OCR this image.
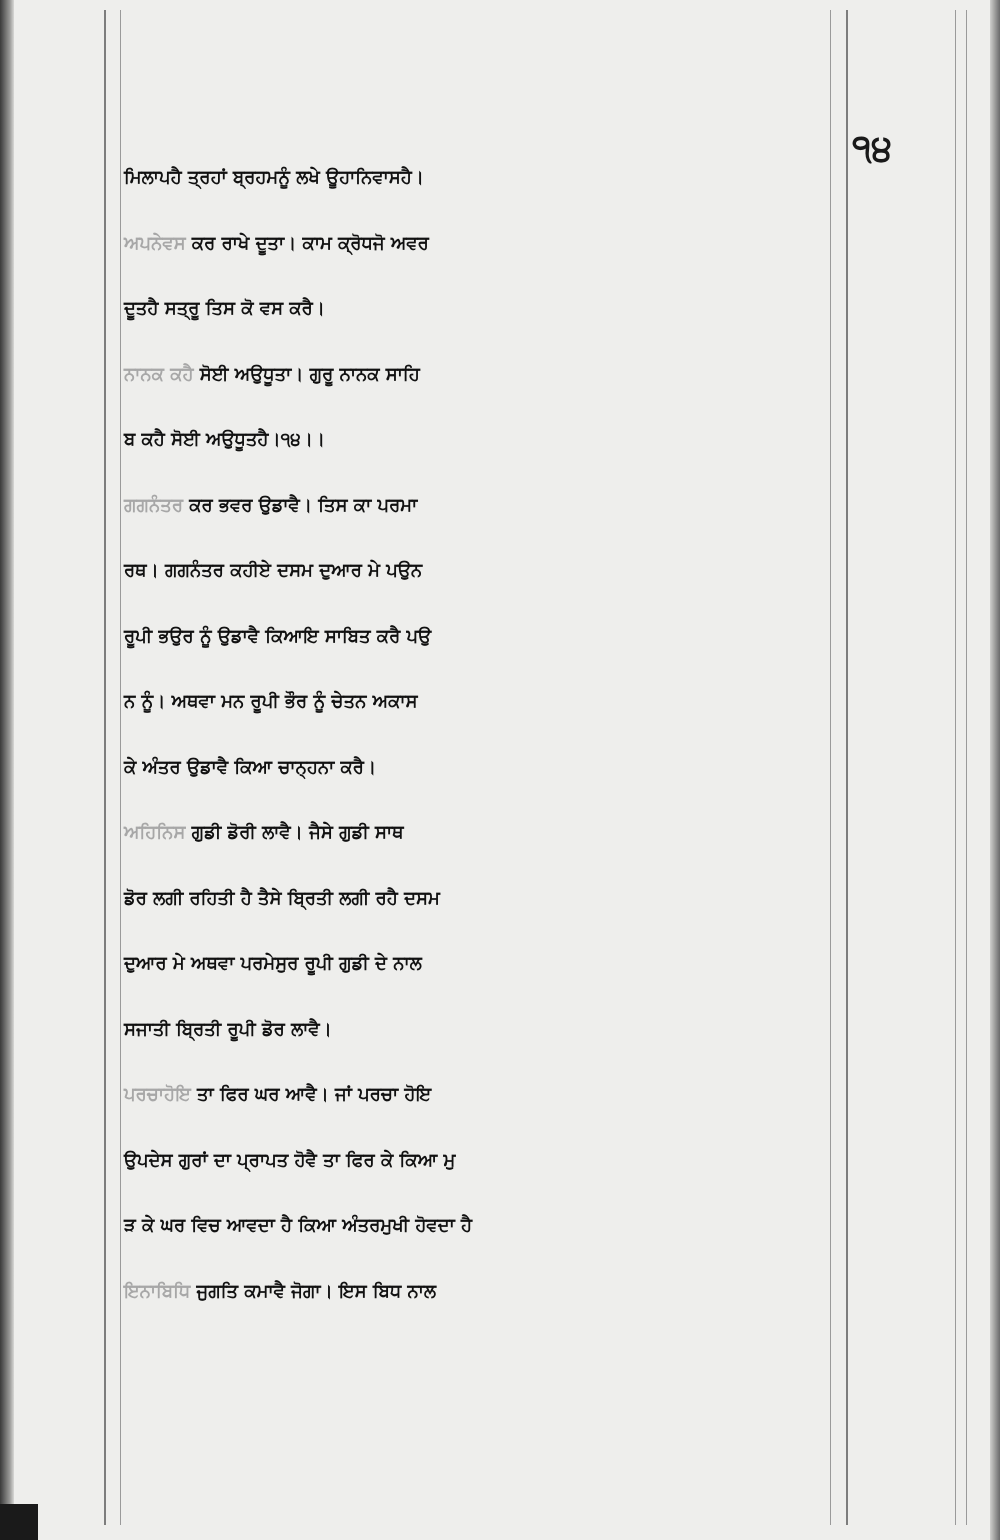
੧੪
ਮਿਲਾਪਹੈ ਤ੍ਰਹਾਂ ਬ੍ਰਹਮਨੂੰ ਲਖੇ ਊਹਾਨਿਵਾਸਹੈ।
ਅਪਨੇਵਸ ਕਰ ਰਾਖੇ ਦੂਤਾ। ਕਾਮ ਕ੍ਰੋਧਜੋ ਅਵਰ
ਦੂਤਹੈ ਸਤ੍ਰੂ ਤਿਸ ਕੋ ਵਸ ਕਰੈ।
ਨਾਨਕ ਕਹੈ ਸੋਈ ਅਉਧੂਤਾ। ਗੁਰੂ ਨਾਨਕ ਸਾਹਿ
ਬ ਕਹੈ ਸੋਈ ਅਉਧੂਤਹੈ।੧੪।।
ਗਗਨੰਤਰ ਕਰ ਭਵਰ ਉਡਾਵੈ। ਤਿਸ ਕਾ ਪਰਮਾ
ਰਥ। ਗਗਨੰਤਰ ਕਹੀਏ ਦਸਮ ਦੁਆਰ ਮੇ ਪਉਨ
ਰੂਪੀ ਭਉਰ ਨੂੰ ਉਡਾਵੈ ਕਿਆਇ ਸਾਬਿਤ ਕਰੈ ਪਉ
ਨ ਨੂੰ। ਅਥਵਾ ਮਨ ਰੂਪੀ ਭੌਰ ਨੂੰ ਚੇਤਨ ਅਕਾਸ
ਕੇ ਅੰਤਰ ਉਡਾਵੈ ਕਿਆ ਚਾਨ੍ਹਨਾ ਕਰੈ।
ਅਹਿਨਿਸ ਗੁਡੀ ਡੋਰੀ ਲਾਵੈ। ਜੈਸੇ ਗੁਡੀ ਸਾਥ
ਡੋਰ ਲਗੀ ਰਹਿਤੀ ਹੈ ਤੈਸੇ ਬ੍ਰਿਤੀ ਲਗੀ ਰਹੈ ਦਸਮ
ਦੁਆਰ ਮੇ ਅਥਵਾ ਪਰਮੇਸੁਰ ਰੂਪੀ ਗੁਡੀ ਦੇ ਨਾਲ
ਸਜਾਤੀ ਬ੍ਰਿਤੀ ਰੂਪੀ ਡੋਰ ਲਾਵੈ।
ਪਰਚਾਹੋਇ ਤਾ ਫਿਰ ਘਰ ਆਵੈ। ਜਾਂ ਪਰਚਾ ਹੋਇ
ਉਪਦੇਸ ਗੁਰਾਂ ਦਾ ਪ੍ਰਾਪਤ ਹੋਵੈ ਤਾ ਫਿਰ ਕੇ ਕਿਆ ਮੁ
ੜ ਕੇ ਘਰ ਵਿਚ ਆਵਦਾ ਹੈ ਕਿਆ ਅੰਤਰਮੁਖੀ ਹੋਵਦਾ ਹੈ
ਇਨਾਬਿਧਿ ਜੁਗਤਿ ਕਮਾਵੈ ਜੋਗਾ। ਇਸ ਬਿਧ ਨਾਲ
